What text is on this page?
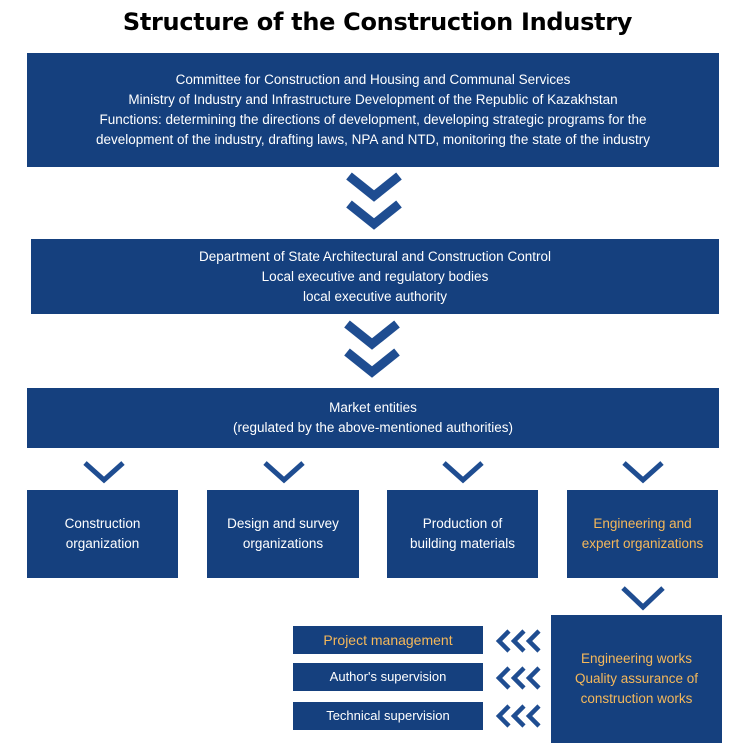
Structure of the Construction Industry
Committee for Construction and Housing and Communal Services
Ministry of Industry and Infrastructure Development of the Republic of Kazakhstan
Functions: determining the directions of development, developing strategic programs for the
development of the industry, drafting laws, NPA and NTD, monitoring the state of the industry
Department of State Architectural and Construction Control
Local executive and regulatory bodies
local executive authority
Market entities
(regulated by the above-mentioned authorities)
Construction
organization
Design and survey
organizations
Production of
building materials
Engineering and
expert organizations
Engineering works
Quality assurance of
construction works
Project management
Author's supervision
Technical supervision
